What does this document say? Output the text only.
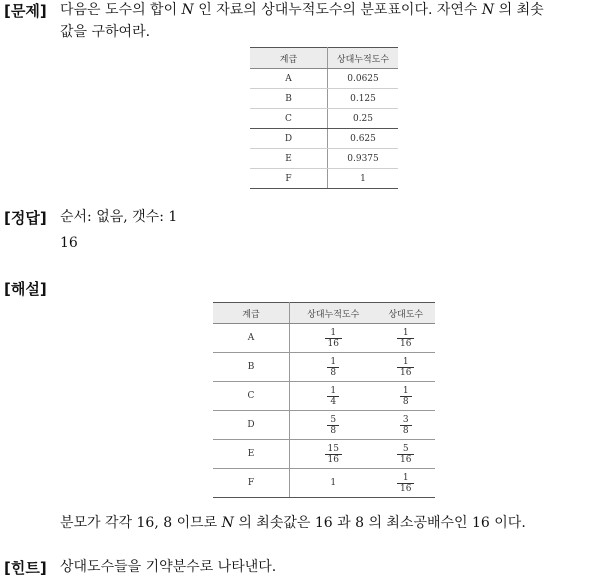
[문제] 다음은 도수의 합이 N 인 자료의 상대누적도수의 분포표이다. 자연수 N 의 최솟
값을 구하여라.
계급	상대누적도수
A	0.0625
B	0.125
C	0.25
D	0.625
E	0.9375
F	1
[정답] 순서: 없음, 갯수: 1
16
[해설]
계급	상대누적도수	상대도수
A	$\frac{1}{16}$	$\frac{1}{16}$

B	$\frac{1}{8}$	$\frac{1}{16}$

C	$\frac{1}{4}$	$\frac{1}{8}$

D	$\frac{5}{8}$	$\frac{3}{8}$

E	$\frac{15}{16}$	$\frac{5}{16}$

F	1	$\frac{1}{16}$
분모가 각각 16, 8 이므로 N 의 최솟값은 16 과 8 의 최소공배수인 16 이다.
[힌트] 상대도수들을 기약분수로 나타낸다.
